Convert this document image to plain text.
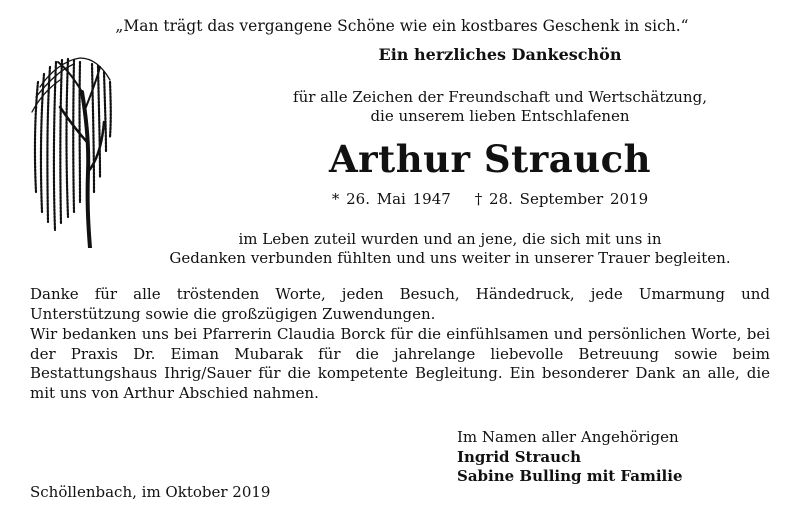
„Man trägt das vergangene Schöne wie ein kostbares Geschenk in sich.“
Ein herzliches Dankeschön
für alle Zeichen der Freundschaft und Wertschätzung,
die unserem lieben Entschlafenen
Arthur Strauch
* 26. Mai 1947 † 28. September 2019
im Leben zuteil wurden und an jene, die sich mit uns in
Gedanken verbunden fühlten und uns weiter in unserer Trauer begleiten.
Danke für alle tröstenden Worte, jeden Besuch, Händedruck, jede Umarmung und Unterstützung sowie die großzügigen Zuwendungen.
Wir bedanken uns bei Pfarrerin Claudia Borck für die einfühlsamen und persönlichen Worte, bei der Praxis Dr. Eiman Mubarak für die jahrelange liebevolle Betreuung sowie beim Bestattungshaus Ihrig/Sauer für die kompetente Begleitung. Ein besonderer Dank an alle, die mit uns von Arthur Abschied nahmen.
Im Namen aller Angehörigen
Ingrid Strauch
Sabine Bulling mit Familie
Schöllenbach, im Oktober 2019
